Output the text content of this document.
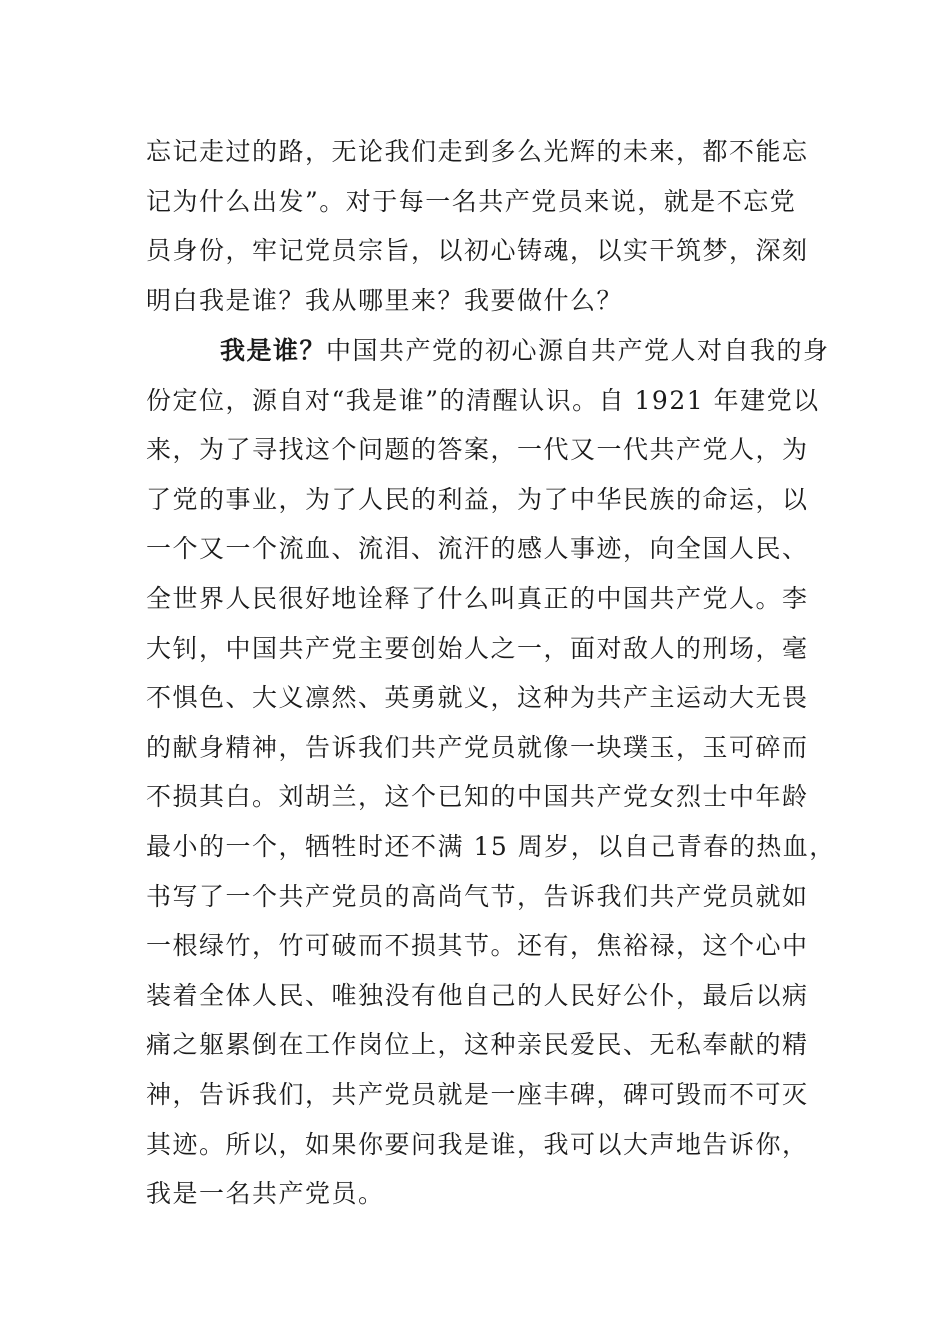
忘记走过的路，无论我们走到多么光辉的未来，都不能忘
记为什么出发”。对于每一名共产党员来说，就是不忘党
员身份，牢记党员宗旨，以初心铸魂，以实干筑梦，深刻
明白我是谁？我从哪里来？我要做什么？
我是谁？中国共产党的初心源自共产党人对自我的身
份定位，源自对“我是谁”的清醒认识。自 1921 年建党以
来，为了寻找这个问题的答案，一代又一代共产党人，为
了党的事业，为了人民的利益，为了中华民族的命运，以
一个又一个流血、流泪、流汗的感人事迹，向全国人民、
全世界人民很好地诠释了什么叫真正的中国共产党人。李
大钊，中国共产党主要创始人之一，面对敌人的刑场，毫
不惧色、大义凛然、英勇就义，这种为共产主运动大无畏
的献身精神，告诉我们共产党员就像一块璞玉，玉可碎而
不损其白。刘胡兰，这个已知的中国共产党女烈士中年龄
最小的一个，牺牲时还不满 15 周岁，以自己青春的热血，
书写了一个共产党员的高尚气节，告诉我们共产党员就如
一根绿竹，竹可破而不损其节。还有，焦裕禄，这个心中
装着全体人民、唯独没有他自己的人民好公仆，最后以病
痛之躯累倒在工作岗位上，这种亲民爱民、无私奉献的精
神，告诉我们，共产党员就是一座丰碑，碑可毁而不可灭
其迹。所以，如果你要问我是谁，我可以大声地告诉你，
我是一名共产党员。
